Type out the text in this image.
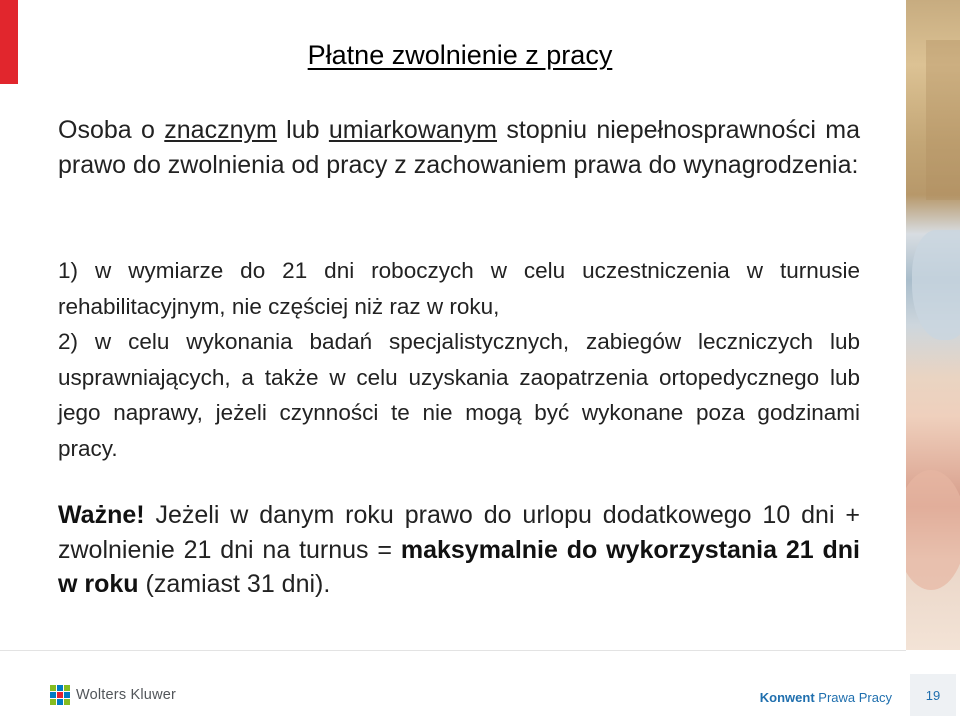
Płatne zwolnienie z pracy
Osoba o znacznym lub umiarkowanym stopniu niepełnosprawności ma prawo do zwolnienia od pracy z zachowaniem prawa do wynagrodzenia:
1) w wymiarze do 21 dni roboczych w celu uczestniczenia w turnusie rehabilitacyjnym, nie częściej niż raz w roku,
2) w celu wykonania badań specjalistycznych, zabiegów leczniczych lub usprawniających, a także w celu uzyskania zaopatrzenia ortopedycznego lub jego naprawy, jeżeli czynności te nie mogą być wykonane poza godzinami pracy.
Ważne! Jeżeli w danym roku prawo do urlopu dodatkowego 10 dni + zwolnienie 21 dni na turnus = maksymalnie do wykorzystania 21 dni w roku (zamiast 31 dni).
Wolters Kluwer	Konwent Prawa Pracy	19
